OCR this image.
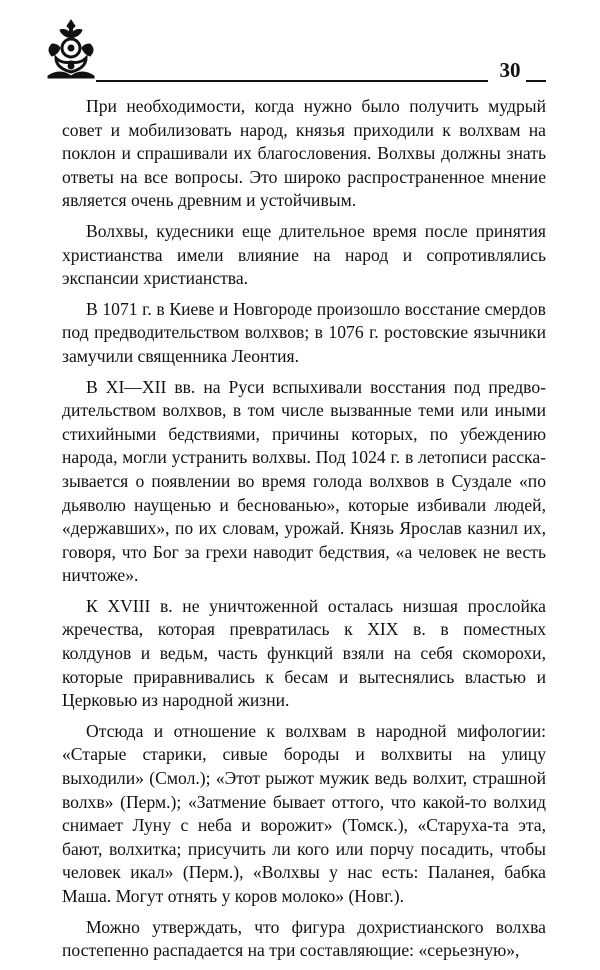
30

При необходимости, когда нужно было получить мудрый совет и мобилизовать народ, князья приходили к волхвам на поклон и спрашивали их благословения. Волхвы должны знать ответы на все вопросы. Это широко распространенное мнение является очень древним и устойчивым.

Волхвы, кудесники еще длительное время после принятия христианства имели влияние на народ и сопротивлялись экспансии христианства.

В 1071 г. в Киеве и Новгороде произошло восстание смердов под предводительством волхвов; в 1076 г. ростовские язычники замучили священника Леонтия.

В XI—XII вв. на Руси вспыхивали восстания под предводительством волхвов, в том числе вызванные теми или иными стихийными бедствиями, причины которых, по убеждению народа, могли устранить волхвы. Под 1024 г. в летописи рассказывается о появлении во время голода волхвов в Суздале «по дьяволю наущенью и беснованью», которые избивали людей, «державших», по их словам, урожай. Князь Ярослав казнил их, говоря, что Бог за грехи наводит бедствия, «а человек не весть ничтоже».

К XVIII в. не уничтоженной осталась низшая прослойка жречества, которая превратилась к XIX в. в поместных колдунов и ведьм, часть функций взяли на себя скоморохи, которые приравнивались к бесам и вытеснялись властью и Церковью из народной жизни.

Отсюда и отношение к волхвам в народной мифологии: «Старые старики, сивые бороды и волхвиты на улицу выходили» (Смол.); «Этот рыжот мужик ведь волхит, страшной волхв» (Перм.); «Затмение бывает оттого, что какой-то волхид снимает Луну с неба и ворожит» (Томск.), «Старуха-та эта, бают, волхитка; присучить ли кого или порчу посадить, чтобы человек икал» (Перм.), «Волхвы у нас есть: Паланея, бабка Маша. Могут отнять у коров молоко» (Новг.).

Можно утверждать, что фигура дохристианского волхва постепенно распадается на три составляющие: «серьезную»,
